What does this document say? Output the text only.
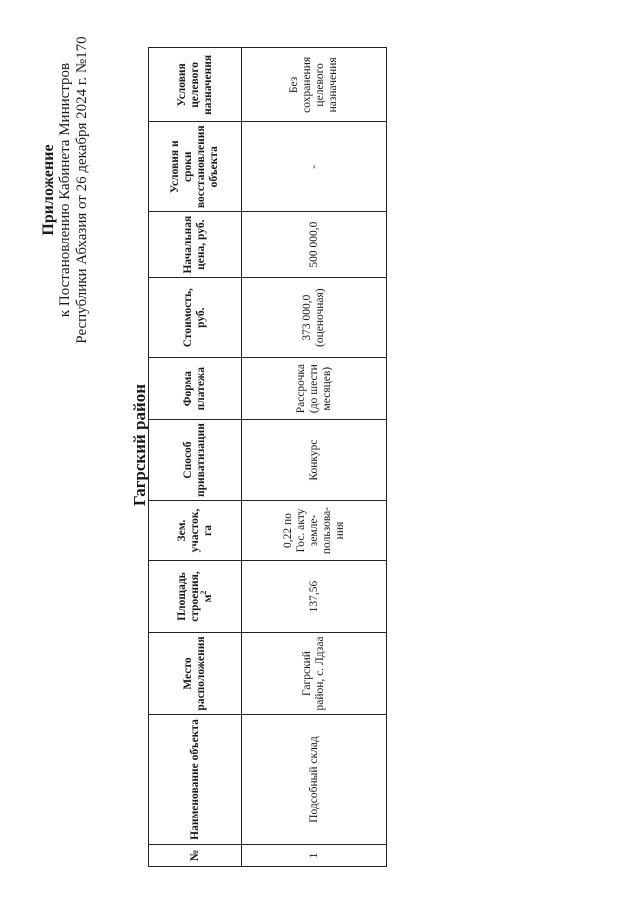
Приложение к Постановлению Кабинета Министров Республики Абхазия от 26 декабря 2024 г. №170
Гагрский район
№	Наименование объекта	Место расположения	Площадь строения, $м^2$	Зем. участок, га	Способ приватизации	Форма платежа	Стоимость, руб.	Начальная цена, руб.	Условия и сроки восстановления объекта	Условия целевого назначения
1	Подсобный склад	Гагрский район, с. Лдзаа	137,56	0,22 по Гос. акту земле-пользова-ния	Конкурс	Рассрочка (до шести месяцев)	373 000,0 (оценочная)	500 000,0	-	Без сохранения целевого назначения
